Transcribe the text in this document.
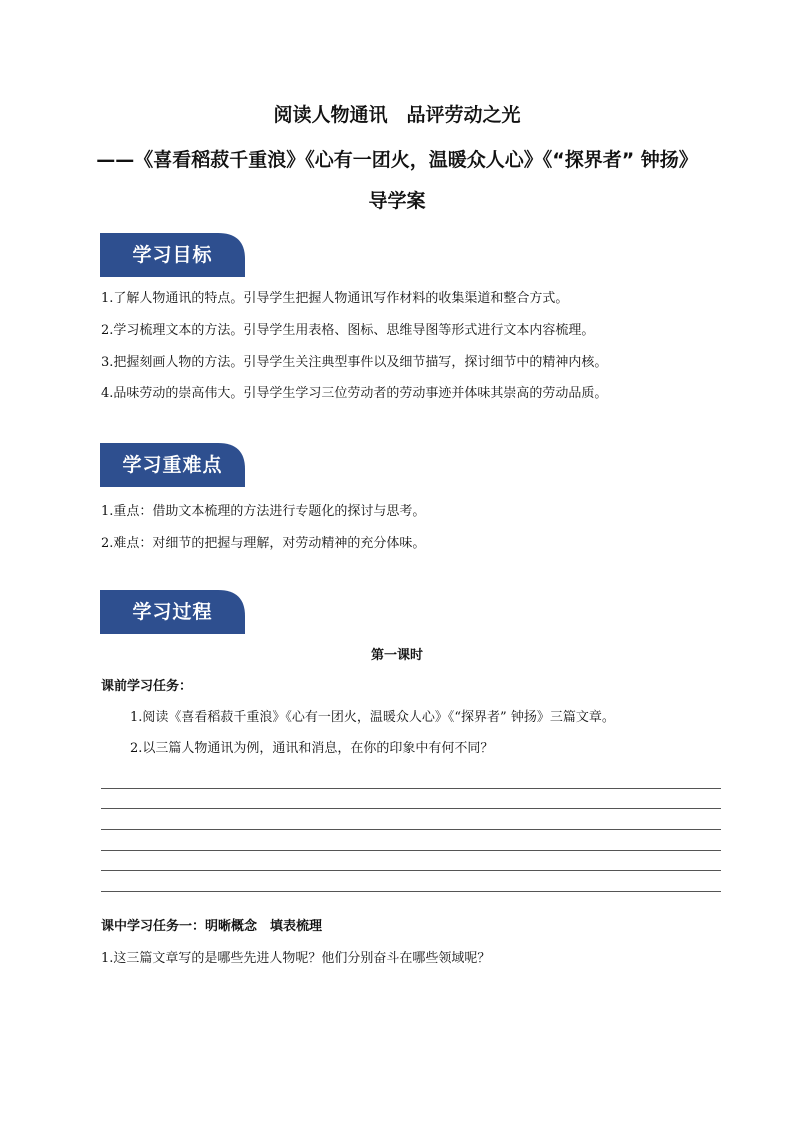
阅读人物通讯　品评劳动之光
——《喜看稻菽千重浪》《心有一团火，温暖众人心》《“探界者” 钟扬》
导学案
学习目标
1.了解人物通讯的特点。引导学生把握人物通讯写作材料的收集渠道和整合方式。
2.学习梳理文本的方法。引导学生用表格、图标、思维导图等形式进行文本内容梳理。
3.把握刻画人物的方法。引导学生关注典型事件以及细节描写，探讨细节中的精神内核。
4.品味劳动的崇高伟大。引导学生学习三位劳动者的劳动事迹并体味其崇高的劳动品质。
学习重难点
1.重点：借助文本梳理的方法进行专题化的探讨与思考。
2.难点：对细节的把握与理解，对劳动精神的充分体味。
学习过程
第一课时
课前学习任务：
1.阅读《喜看稻菽千重浪》《心有一团火，温暖众人心》《“探界者” 钟扬》三篇文章。
2.以三篇人物通讯为例，通讯和消息，在你的印象中有何不同？
课中学习任务一：明晰概念　填表梳理
1.这三篇文章写的是哪些先进人物呢？他们分别奋斗在哪些领域呢？
